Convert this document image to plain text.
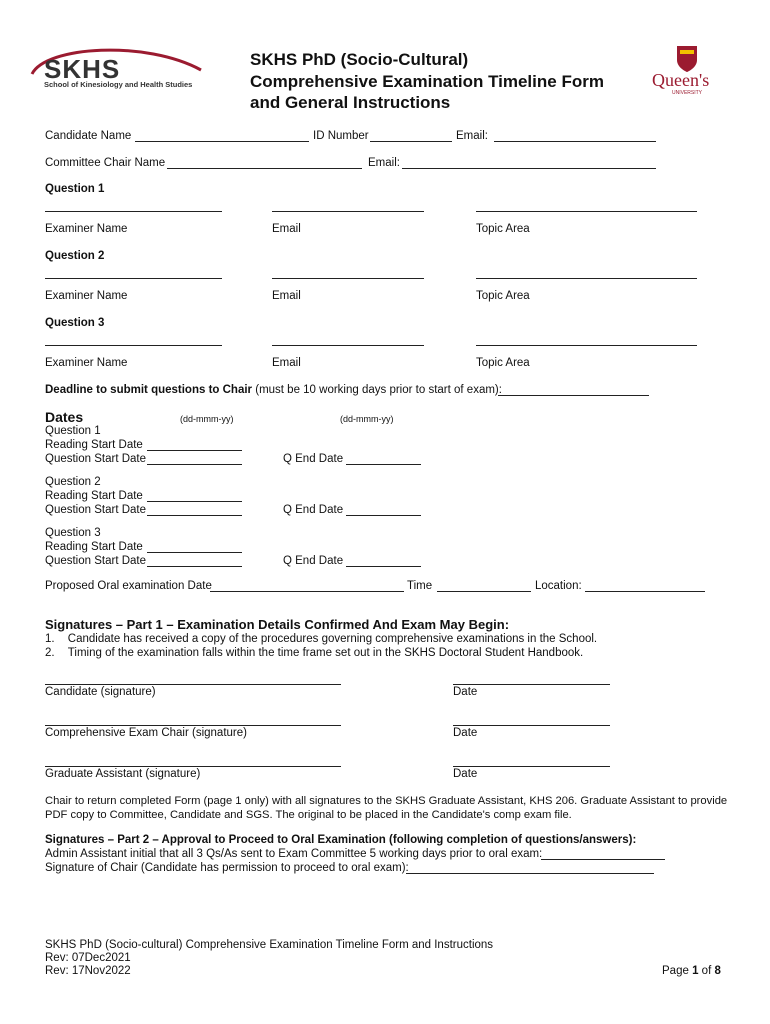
SKHS
School of Kinesiology and Health Studies
SKHS PhD (Socio-Cultural)
Comprehensive Examination Timeline Form
and General Instructions
Queen's
UNIVERSITY
Candidate Name	ID Number	Email:
Committee Chair Name	Email:
Question 1
Examiner Name	Email	Topic Area
Question 2
Examiner Name	Email	Topic Area
Question 3
Examiner Name	Email	Topic Area
Deadline to submit questions to Chair (must be 10 working days prior to start of exam):
Dates	(dd-mmm-yy)	(dd-mmm-yy)
Question 1
Reading Start Date
Question Start Date	Q End Date
Question 2
Reading Start Date
Question Start Date	Q End Date
Question 3
Reading Start Date
Question Start Date	Q End Date
Proposed Oral examination Date	Time	Location:
Signatures – Part 1 – Examination Details Confirmed And Exam May Begin:
1. Candidate has received a copy of the procedures governing comprehensive examinations in the School.
2. Timing of the examination falls within the time frame set out in the SKHS Doctoral Student Handbook.
Candidate (signature)	Date
Comprehensive Exam Chair (signature)	Date
Graduate Assistant (signature)	Date
Chair to return completed Form (page 1 only) with all signatures to the SKHS Graduate Assistant, KHS 206. Graduate Assistant to provide
PDF copy to Committee, Candidate and SGS. The original to be placed in the Candidate's comp exam file.
Signatures – Part 2 – Approval to Proceed to Oral Examination (following completion of questions/answers):
Admin Assistant initial that all 3 Qs/As sent to Exam Committee 5 working days prior to oral exam:
Signature of Chair (Candidate has permission to proceed to oral exam):
SKHS PhD (Socio-cultural) Comprehensive Examination Timeline Form and Instructions
Rev: 07Dec2021
Rev: 17Nov2022	Page 1 of 8
